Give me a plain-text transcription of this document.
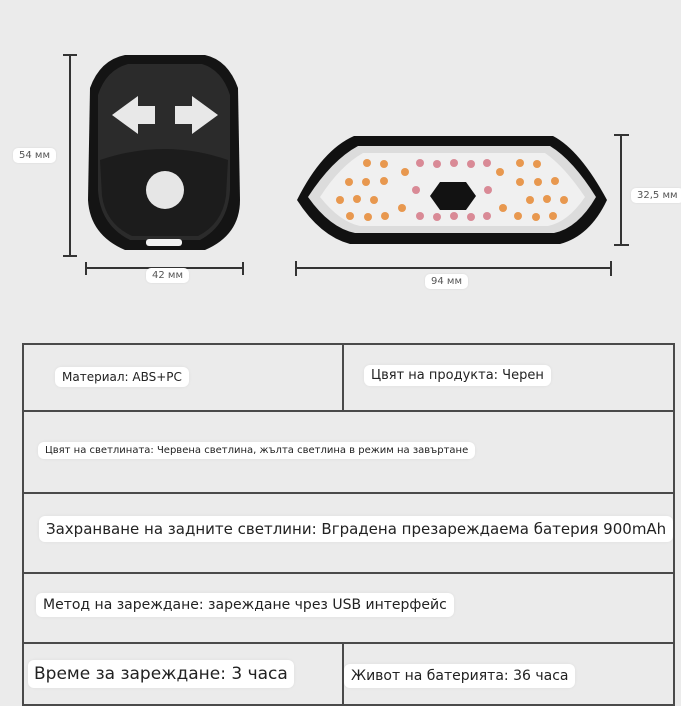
54 мм
42 мм
94 мм
32,5 мм
Материал: ABS+PC	Цвят на продукта: Черен
Цвят на светлината: Червена светлина, жълта светлина в режим на завъртане
Захранване на задните светлини: Вградена презареждаема батерия 900mAh
Метод на зареждане: зареждане чрез USB интерфейс
Време за зареждане: 3 часа	Живот на батерията: 36 часа
